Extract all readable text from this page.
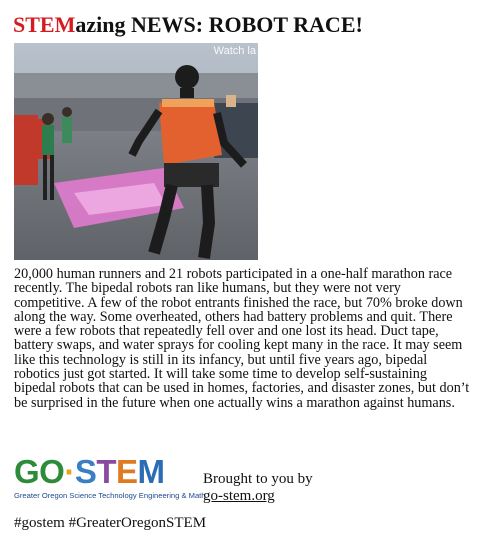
STEMazing NEWS: ROBOT RACE!
Watch la

20,000 human runners and 21 robots participated in a one-half marathon race recently. The bipedal robots ran like humans, but they were not very competitive. A few of the robot entrants finished the race, but 70% broke down along the way. Some overheated, others had battery problems and quit. There were a few robots that repeatedly fell over and one lost its head. Duct tape, battery swaps, and water sprays for cooling kept many in the race. It may seem like this technology is still in its infancy, but until five years ago, bipedal robotics just got started. It will take some time to develop self-sustaining bipedal robots that can be used in homes, factories, and disaster zones, but don’t be surprised in the future when one actually wins a marathon against humans.

GO·STEM
Greater Oregon Science Technology Engineering & Math
Brought to you by
go-stem.org
#gostem #GreaterOregonSTEM
